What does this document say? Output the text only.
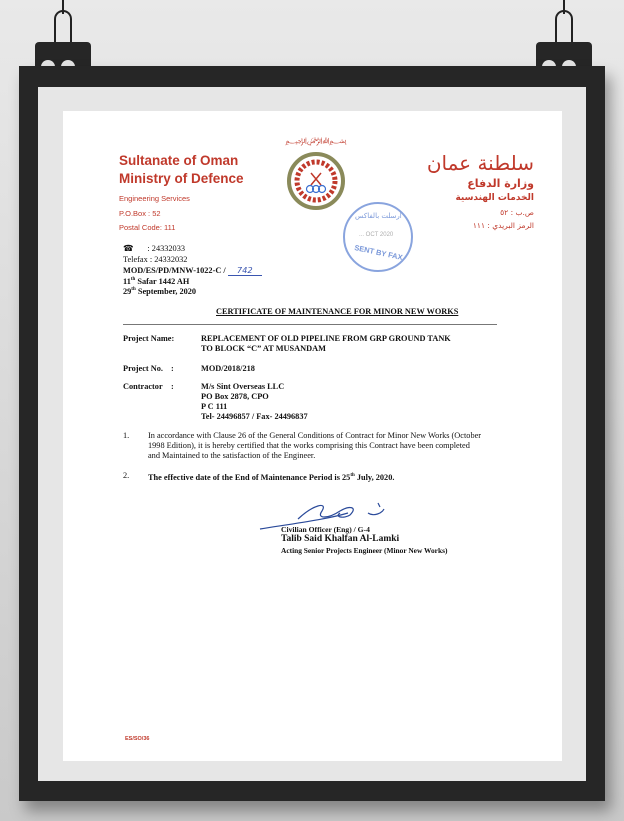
Sultanate of Oman
Ministry of Defence
Engineering Services
P.O.Box : 52
Postal Code: 111
﷽
سلطنة عمان
وزارة الدفاع
الخدمات الهندسية
ص.ب : ٥٢
الرمز البريدي : ١١١
أرسلت بالفاكس
... OCT 2020
SENT BY FAX
☎ : 24332033
Telefax : 24332032
MOD/ES/PD/MNW-1022-C / 742
11th Safar 1442 AH
29th September, 2020
CERTIFICATE OF MAINTENANCE FOR MINOR NEW WORKS
Project Name:	REPLACEMENT OF OLD PIPELINE FROM GRP GROUND TANK
TO BLOCK “C” AT MUSANDAM
Project No. :	MOD/2018/218
Contractor :	M/s Sint Overseas LLC
PO Box 2878, CPO
P C 111
Tel- 24496857 / Fax- 24496837
1. In accordance with Clause 26 of the General Conditions of Contract for Minor New Works (October
1998 Edition), it is hereby certified that the works comprising this Contract have been completed
and Maintained to the satisfaction of the Engineer.
2. The effective date of the End of Maintenance Period is 25th July, 2020.
Civilian Officer (Eng) / G-4
Talib Said Khalfan Al-Lamki
Acting Senior Projects Engineer (Minor New Works)
ES/SO/36
